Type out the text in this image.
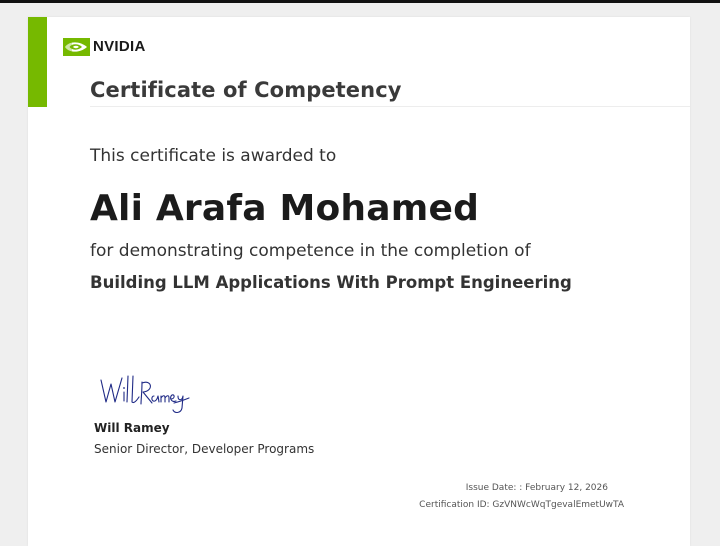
NVIDIA
Certificate of Competency
This certificate is awarded to
Ali Arafa Mohamed
for demonstrating competence in the completion of
Building LLM Applications With Prompt Engineering
Will Ramey
Senior Director, Developer Programs
Issue Date: : February 12, 2026
Certification ID: GzVNWcWqTgevalEmetUwTA
